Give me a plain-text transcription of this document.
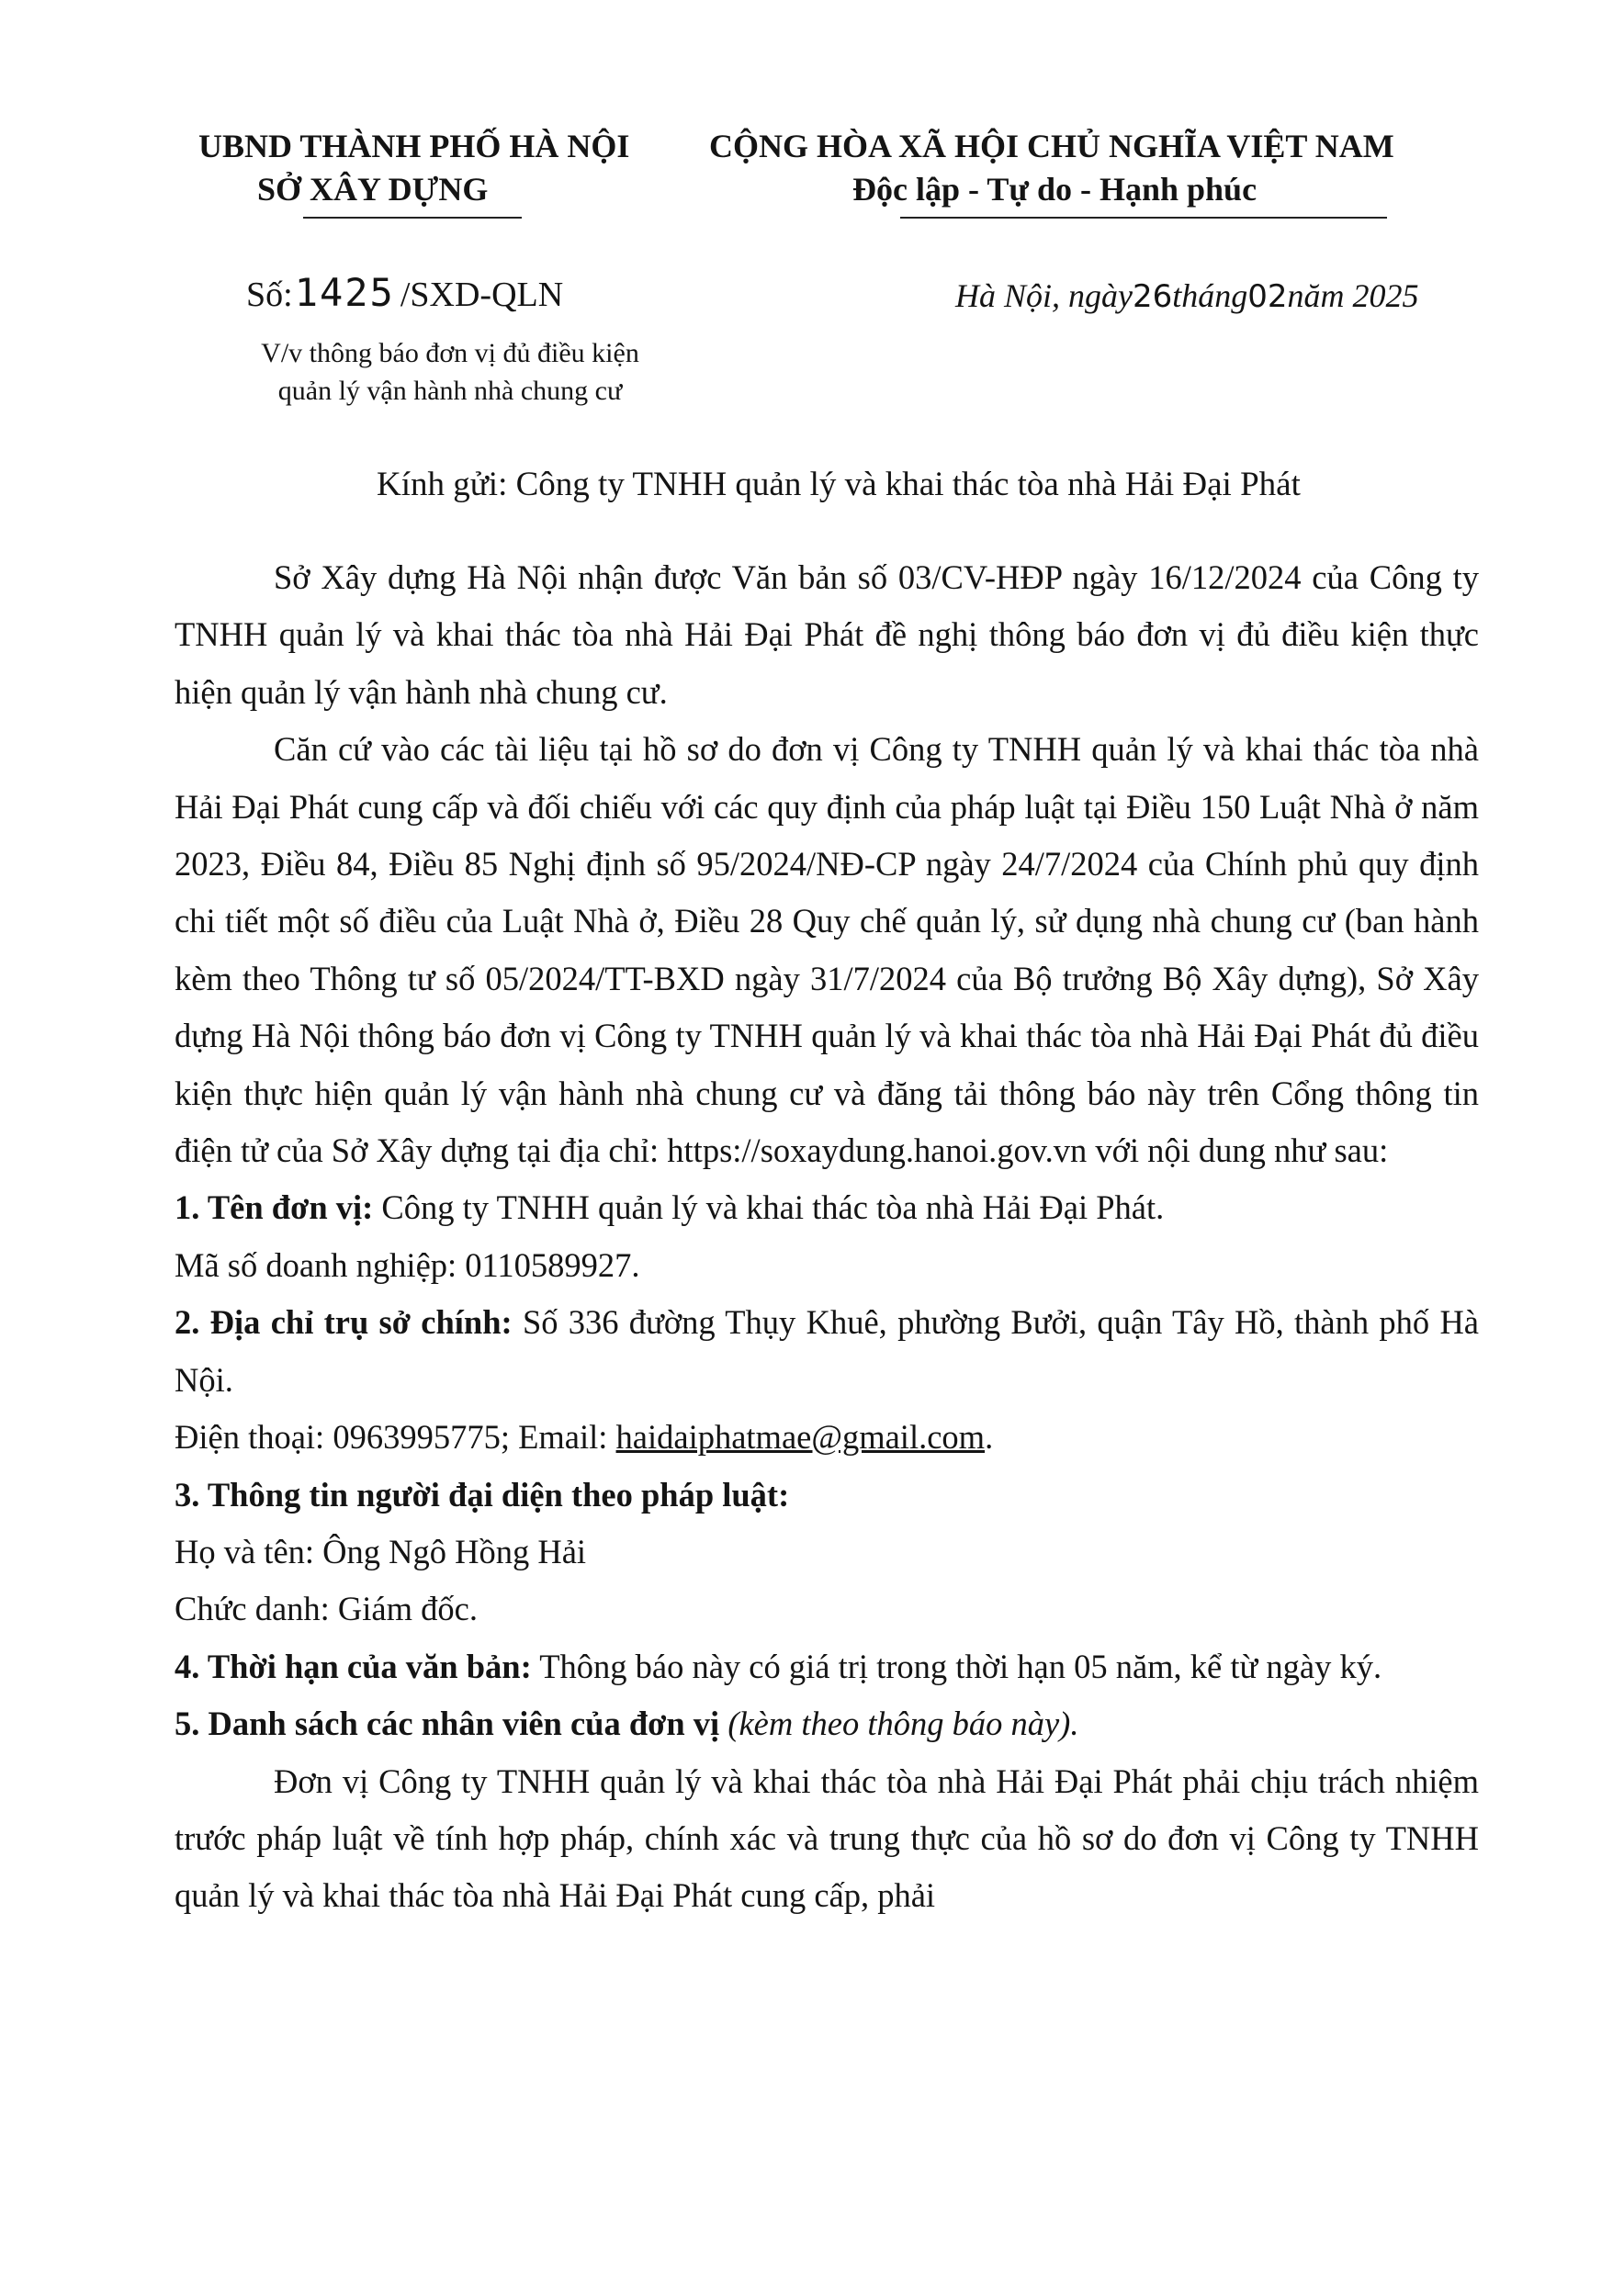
UBND THÀNH PHỐ HÀ NỘI
SỞ XÂY DỰNG
CỘNG HÒA XÃ HỘI CHỦ NGHĨA VIỆT NAM
Độc lập - Tự do - Hạnh phúc
Số:1425 /SXD-QLN
V/v thông báo đơn vị đủ điều kiện
quản lý vận hành nhà chung cư
Hà Nội, ngày26tháng02năm 2025
Kính gửi: Công ty TNHH quản lý và khai thác tòa nhà Hải Đại Phát

Sở Xây dựng Hà Nội nhận được Văn bản số 03/CV-HĐP ngày 16/12/2024 của Công ty TNHH quản lý và khai thác tòa nhà Hải Đại Phát đề nghị thông báo đơn vị đủ điều kiện thực hiện quản lý vận hành nhà chung cư.

Căn cứ vào các tài liệu tại hồ sơ do đơn vị Công ty TNHH quản lý và khai thác tòa nhà Hải Đại Phát cung cấp và đối chiếu với các quy định của pháp luật tại Điều 150 Luật Nhà ở năm 2023, Điều 84, Điều 85 Nghị định số 95/2024/NĐ-CP ngày 24/7/2024 của Chính phủ quy định chi tiết một số điều của Luật Nhà ở, Điều 28 Quy chế quản lý, sử dụng nhà chung cư (ban hành kèm theo Thông tư số 05/2024/TT-BXD ngày 31/7/2024 của Bộ trưởng Bộ Xây dựng), Sở Xây dựng Hà Nội thông báo đơn vị Công ty TNHH quản lý và khai thác tòa nhà Hải Đại Phát đủ điều kiện thực hiện quản lý vận hành nhà chung cư và đăng tải thông báo này trên Cổng thông tin điện tử của Sở Xây dựng tại địa chỉ: https://soxaydung.hanoi.gov.vn với nội dung như sau:

1. Tên đơn vị: Công ty TNHH quản lý và khai thác tòa nhà Hải Đại Phát.

Mã số doanh nghiệp: 0110589927.

2. Địa chỉ trụ sở chính: Số 336 đường Thụy Khuê, phường Bưởi, quận Tây Hồ, thành phố Hà Nội.

Điện thoại: 0963995775; Email: haidaiphatmae@gmail.com.

3. Thông tin người đại diện theo pháp luật:

Họ và tên: Ông Ngô Hồng Hải

Chức danh: Giám đốc.

4. Thời hạn của văn bản: Thông báo này có giá trị trong thời hạn 05 năm, kể từ ngày ký.

5. Danh sách các nhân viên của đơn vị (kèm theo thông báo này).

Đơn vị Công ty TNHH quản lý và khai thác tòa nhà Hải Đại Phát phải chịu trách nhiệm trước pháp luật về tính hợp pháp, chính xác và trung thực của hồ sơ do đơn vị Công ty TNHH quản lý và khai thác tòa nhà Hải Đại Phát cung cấp, phải
